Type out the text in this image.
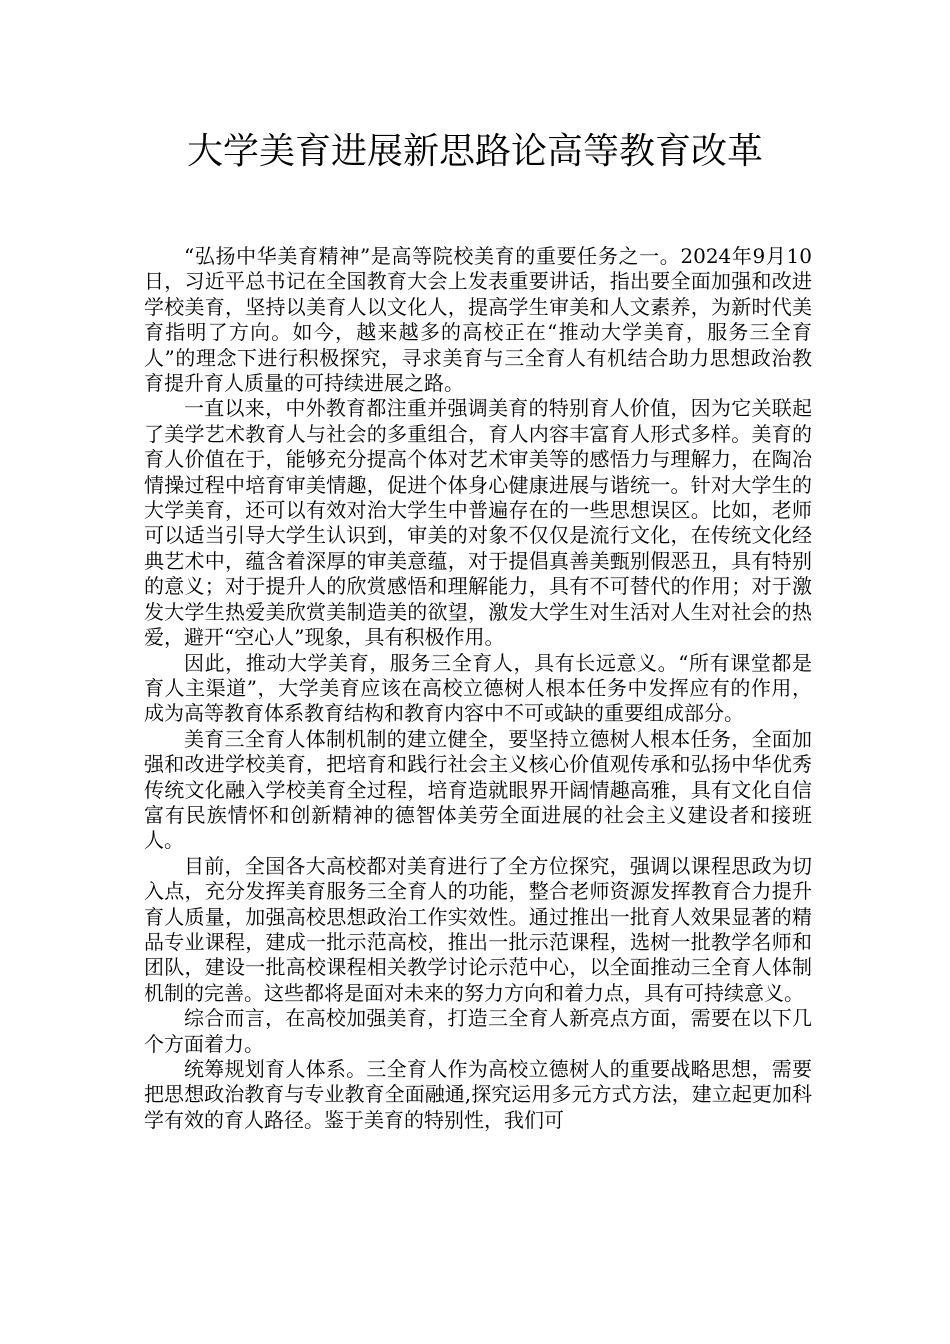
大学美育进展新思路论高等教育改革

“弘扬中华美育精神”是高等院校美育的重要任务之一。2024年9月10日，习近平总书记在全国教育大会上发表重要讲话，指出要全面加强和改进学校美育，坚持以美育人以文化人，提高学生审美和人文素养，为新时代美育指明了方向。如今，越来越多的高校正在“推动大学美育，服务三全育人”的理念下进行积极探究，寻求美育与三全育人有机结合助力思想政治教育提升育人质量的可持续进展之路。

一直以来，中外教育都注重并强调美育的特别育人价值，因为它关联起了美学艺术教育人与社会的多重组合，育人内容丰富育人形式多样。美育的育人价值在于，能够充分提高个体对艺术审美等的感悟力与理解力，在陶冶情操过程中培育审美情趣，促进个体身心健康进展与谐统一。针对大学生的大学美育，还可以有效对治大学生中普遍存在的一些思想误区。比如，老师可以适当引导大学生认识到，审美的对象不仅仅是流行文化，在传统文化经典艺术中，蕴含着深厚的审美意蕴，对于提倡真善美甄别假恶丑，具有特别的意义；对于提升人的欣赏感悟和理解能力，具有不可替代的作用；对于激发大学生热爱美欣赏美制造美的欲望，激发大学生对生活对人生对社会的热爱，避开“空心人”现象，具有积极作用。

因此，推动大学美育，服务三全育人，具有长远意义。“所有课堂都是育人主渠道”，大学美育应该在高校立德树人根本任务中发挥应有的作用，成为高等教育体系教育结构和教育内容中不可或缺的重要组成部分。

美育三全育人体制机制的建立健全，要坚持立德树人根本任务，全面加强和改进学校美育，把培育和践行社会主义核心价值观传承和弘扬中华优秀传统文化融入学校美育全过程，培育造就眼界开阔情趣高雅，具有文化自信富有民族情怀和创新精神的德智体美劳全面进展的社会主义建设者和接班人。

目前，全国各大高校都对美育进行了全方位探究，强调以课程思政为切入点，充分发挥美育服务三全育人的功能，整合老师资源发挥教育合力提升育人质量，加强高校思想政治工作实效性。通过推出一批育人效果显著的精品专业课程，建成一批示范高校，推出一批示范课程，选树一批教学名师和团队，建设一批高校课程相关教学讨论示范中心，以全面推动三全育人体制机制的完善。这些都将是面对未来的努力方向和着力点，具有可持续意义。

综合而言，在高校加强美育，打造三全育人新亮点方面，需要在以下几个方面着力。

统筹规划育人体系。三全育人作为高校立德树人的重要战略思想，需要把思想政治教育与专业教育全面融通,探究运用多元方式方法，建立起更加科学有效的育人路径。鉴于美育的特别性，我们可
